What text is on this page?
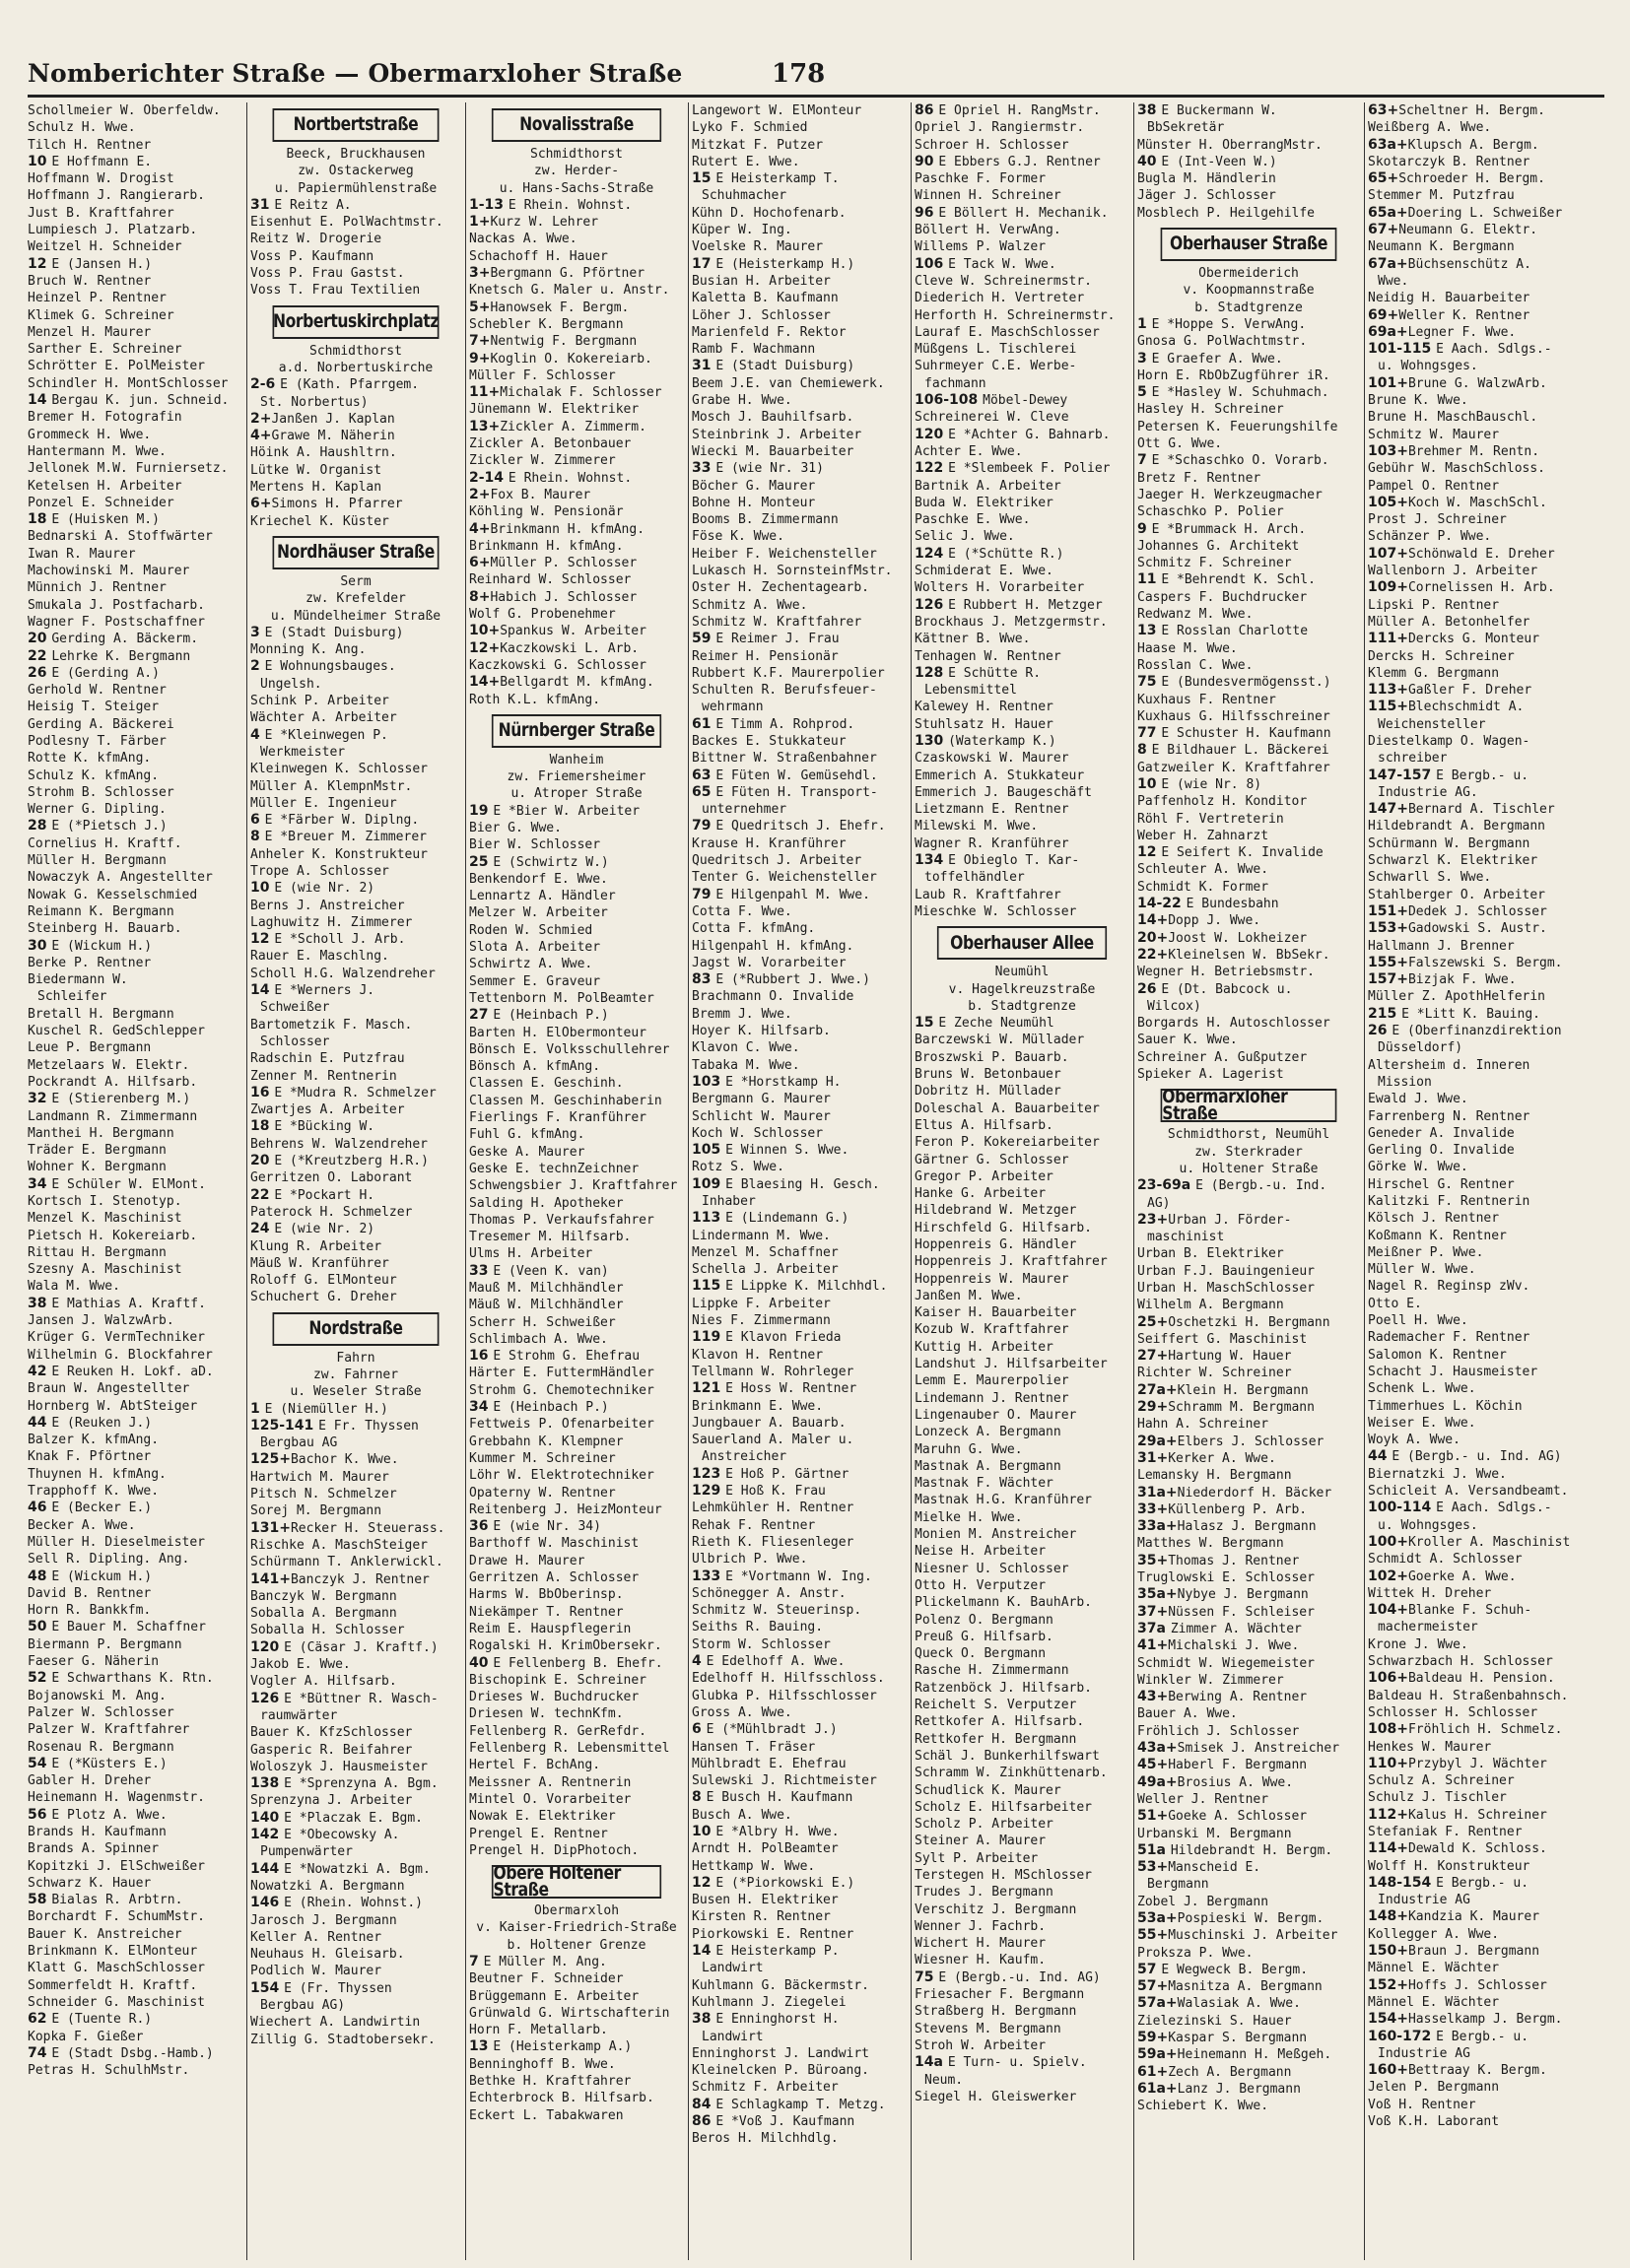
Nomberichter Straße — Obermarxloher Straße	178
Schollmeier W. Oberfeldw.
Schulz H. Wwe.
Tilch H. Rentner
10 E Hoffmann E.
Hoffmann W. Drogist
Hoffmann J. Rangierarb.
Just B. Kraftfahrer
Lumpiesch J. Platzarb.
Weitzel H. Schneider
12 E (Jansen H.)
Bruch W. Rentner
Heinzel P. Rentner
Klimek G. Schreiner
Menzel H. Maurer
Sarther E. Schreiner
Schrötter E. PolMeister
Schindler H. MontSchlosser
14 Bergau K. jun. Schneid.
Bremer H. Fotografin
Grommeck H. Wwe.
Hantermann M. Wwe.
Jellonek M.W. Furniersetz.
Ketelsen H. Arbeiter
Ponzel E. Schneider
18 E (Huisken M.)
Bednarski A. Stoffwärter
Iwan R. Maurer
Machowinski M. Maurer
Münnich J. Rentner
Smukala J. Postfacharb.
Wagner F. Postschaffner
20 Gerding A. Bäckerm.
22 Lehrke K. Bergmann
26 E (Gerding A.)
Gerhold W. Rentner
Heisig T. Steiger
Gerding A. Bäckerei
Podlesny T. Färber
Rotte K. kfmAng.
Schulz K. kfmAng.
Strohm B. Schlosser
Werner G. Dipling.
28 E (*Pietsch J.)
Cornelius H. Kraftf.
Müller H. Bergmann
Nowaczyk A. Angestellter
Nowak G. Kesselschmied
Reimann K. Bergmann
Steinberg H. Bauarb.
30 E (Wickum H.)
Berke P. Rentner
Biedermann W.
Schleifer
Bretall H. Bergmann
Kuschel R. GedSchlepper
Leue P. Bergmann
Metzelaars W. Elektr.
Pockrandt A. Hilfsarb.
32 E (Stierenberg M.)
Landmann R. Zimmermann
Manthei H. Bergmann
Träder E. Bergmann
Wohner K. Bergmann
34 E Schüler W. ElMont.
Kortsch I. Stenotyp.
Menzel K. Maschinist
Pietsch H. Kokereiarb.
Rittau H. Bergmann
Szesny A. Maschinist
Wala M. Wwe.
38 E Mathias A. Kraftf.
Jansen J. WalzwArb.
Krüger G. VermTechniker
Wilhelmin G. Blockfahrer
42 E Reuken H. Lokf. aD.
Braun W. Angestellter
Hornberg W. AbtSteiger
44 E (Reuken J.)
Balzer K. kfmAng.
Knak F. Pförtner
Thuynen H. kfmAng.
Trapphoff K. Wwe.
46 E (Becker E.)
Becker A. Wwe.
Müller H. Dieselmeister
Sell R. Dipling. Ang.
48 E (Wickum H.)
David B. Rentner
Horn R. Bankkfm.
50 E Bauer M. Schaffner
Biermann P. Bergmann
Faeser G. Näherin
52 E Schwarthans K. Rtn.
Bojanowski M. Ang.
Palzer W. Schlosser
Palzer W. Kraftfahrer
Rosenau R. Bergmann
54 E (*Küsters E.)
Gabler H. Dreher
Heinemann H. Wagenmstr.
56 E Plotz A. Wwe.
Brands H. Kaufmann
Brands A. Spinner
Kopitzki J. ElSchweißer
Schwarz K. Hauer
58 Bialas R. Arbtrn.
Borchardt F. SchumMstr.
Bauer K. Anstreicher
Brinkmann K. ElMonteur
Klatt G. MaschSchlosser
Sommerfeldt H. Kraftf.
Schneider G. Maschinist
62 E (Tuente R.)
Kopka F. Gießer
74 E (Stadt Dsbg.-Hamb.)
Petras H. SchulhMstr.
Nortbertstraße
Beeck, Bruckhausen
zw. Ostackerweg
u. Papiermühlenstraße
31 E Reitz A.
Eisenhut E. PolWachtmstr.
Reitz W. Drogerie
Voss P. Kaufmann
Voss P. Frau Gastst.
Voss T. Frau Textilien
Norbertuskirchplatz
Schmidthorst
a.d. Norbertuskirche
2-6 E (Kath. Pfarrgem.
St. Norbertus)
2+Janßen J. Kaplan
4+Grawe M. Näherin
Höink A. Haushltrn.
Lütke W. Organist
Mertens H. Kaplan
6+Simons H. Pfarrer
Kriechel K. Küster
Nordhäuser Straße
Serm
zw. Krefelder
u. Mündelheimer Straße
3 E (Stadt Duisburg)
Monning K. Ang.
2 E Wohnungsbauges.
Ungelsh.
Schink P. Arbeiter
Wächter A. Arbeiter
4 E *Kleinwegen P.
Werkmeister
Kleinwegen K. Schlosser
Müller A. KlempnMstr.
Müller E. Ingenieur
6 E *Färber W. Diplng.
8 E *Breuer M. Zimmerer
Anheler K. Konstrukteur
Trope A. Schlosser
10 E (wie Nr. 2)
Berns J. Anstreicher
Laghuwitz H. Zimmerer
12 E *Scholl J. Arb.
Rauer E. Maschlng.
Scholl H.G. Walzendreher
14 E *Werners J.
Schweißer
Bartometzik F. Masch.
Schlosser
Radschin E. Putzfrau
Zenner M. Rentnerin
16 E *Mudra R. Schmelzer
Zwartjes A. Arbeiter
18 E *Bücking W.
Behrens W. Walzendreher
20 E (*Kreutzberg H.R.)
Gerritzen O. Laborant
22 E *Pockart H.
Paterock H. Schmelzer
24 E (wie Nr. 2)
Klung R. Arbeiter
Mäuß W. Kranführer
Roloff G. ElMonteur
Schuchert G. Dreher
Nordstraße
Fahrn
zw. Fahrner
u. Weseler Straße
1 E (Niemüller H.)
125-141 E Fr. Thyssen
Bergbau AG
125+Bachor K. Wwe.
Hartwich M. Maurer
Pitsch N. Schmelzer
Sorej M. Bergmann
131+Recker H. Steuerass.
Rischke A. MaschSteiger
Schürmann T. Anklerwickl.
141+Banczyk J. Rentner
Banczyk W. Bergmann
Soballa A. Bergmann
Soballa H. Schlosser
120 E (Cäsar J. Kraftf.)
Jakob E. Wwe.
Vogler A. Hilfsarb.
126 E *Büttner R. Wasch-
raumwärter
Bauer K. KfzSchlosser
Gasperic R. Beifahrer
Woloszyk J. Hausmeister
138 E *Sprenzyna A. Bgm.
Sprenzyna J. Arbeiter
140 E *Placzak E. Bgm.
142 E *Obecowsky A.
Pumpenwärter
144 E *Nowatzki A. Bgm.
Nowatzki A. Bergmann
146 E (Rhein. Wohnst.)
Jarosch J. Bergmann
Keller A. Rentner
Neuhaus H. Gleisarb.
Podlich W. Maurer
154 E (Fr. Thyssen
Bergbau AG)
Wiechert A. Landwirtin
Zillig G. Stadtobersekr.
Novalisstraße
Schmidthorst
zw. Herder-
u. Hans-Sachs-Straße
1-13 E Rhein. Wohnst.
1+Kurz W. Lehrer
Nackas A. Wwe.
Schachoff H. Hauer
3+Bergmann G. Pförtner
Knetsch G. Maler u. Anstr.
5+Hanowsek F. Bergm.
Schebler K. Bergmann
7+Nentwig F. Bergmann
9+Koglin O. Kokereiarb.
Müller F. Schlosser
11+Michalak F. Schlosser
Jünemann W. Elektriker
13+Zickler A. Zimmerm.
Zickler A. Betonbauer
Zickler W. Zimmerer
2-14 E Rhein. Wohnst.
2+Fox B. Maurer
Köhling W. Pensionär
4+Brinkmann H. kfmAng.
Brinkmann H. kfmAng.
6+Müller P. Schlosser
Reinhard W. Schlosser
8+Habich J. Schlosser
Wolf G. Probenehmer
10+Spankus W. Arbeiter
12+Kaczkowski L. Arb.
Kaczkowski G. Schlosser
14+Bellgardt M. kfmAng.
Roth K.L. kfmAng.
Nürnberger Straße
Wanheim
zw. Friemersheimer
u. Atroper Straße
19 E *Bier W. Arbeiter
Bier G. Wwe.
Bier W. Schlosser
25 E (Schwirtz W.)
Benkendorf E. Wwe.
Lennartz A. Händler
Melzer W. Arbeiter
Roden W. Schmied
Slota A. Arbeiter
Schwirtz A. Wwe.
Semmer E. Graveur
Tettenborn M. PolBeamter
27 E (Heinbach P.)
Barten H. ElObermonteur
Bönsch E. Volksschullehrer
Bönsch A. kfmAng.
Classen E. Geschinh.
Classen M. Geschinhaberin
Fierlings F. Kranführer
Fuhl G. kfmAng.
Geske A. Maurer
Geske E. technZeichner
Schwengsbier J. Kraftfahrer
Salding H. Apotheker
Thomas P. Verkaufsfahrer
Tresemer M. Hilfsarb.
Ulms H. Arbeiter
33 E (Veen K. van)
Mauß M. Milchhändler
Mäuß W. Milchhändler
Scherr H. Schweißer
Schlimbach A. Wwe.
16 E Strohm G. Ehefrau
Härter E. FuttermHändler
Strohm G. Chemotechniker
34 E (Heinbach P.)
Fettweis P. Ofenarbeiter
Grebbahn K. Klempner
Kummer M. Schreiner
Löhr W. Elektrotechniker
Opaterny W. Rentner
Reitenberg J. HeizMonteur
36 E (wie Nr. 34)
Barthoff W. Maschinist
Drawe H. Maurer
Gerritzen A. Schlosser
Harms W. BbOberinsp.
Niekämper T. Rentner
Reim E. Hauspflegerin
Rogalski H. KrimObersekr.
40 E Fellenberg B. Ehefr.
Bischopink E. Schreiner
Drieses W. Buchdrucker
Driesen W. technKfm.
Fellenberg R. GerRefdr.
Fellenberg R. Lebensmittel
Hertel F. BchAng.
Meissner A. Rentnerin
Mintel O. Vorarbeiter
Nowak E. Elektriker
Prengel E. Rentner
Prengel H. DipPhotoch.
Obere Holtener Straße
Obermarxloh
v. Kaiser-Friedrich-Straße
b. Holtener Grenze
7 E Müller M. Ang.
Beutner F. Schneider
Brüggemann E. Arbeiter
Grünwald G. Wirtschafterin
Horn F. Metallarb.
13 E (Heisterkamp A.)
Benninghoff B. Wwe.
Bethke H. Kraftfahrer
Echterbrock B. Hilfsarb.
Eckert L. Tabakwaren
Langewort W. ElMonteur
Lyko F. Schmied
Mitzkat F. Putzer
Rutert E. Wwe.
15 E Heisterkamp T.
Schuhmacher
Kühn D. Hochofenarb.
Küper W. Ing.
Voelske R. Maurer
17 E (Heisterkamp H.)
Busian H. Arbeiter
Kaletta B. Kaufmann
Löher J. Schlosser
Marienfeld F. Rektor
Ramb F. Wachmann
31 E (Stadt Duisburg)
Beem J.E. van Chemiewerk.
Grabe H. Wwe.
Mosch J. Bauhilfsarb.
Steinbrink J. Arbeiter
Wiecki M. Bauarbeiter
33 E (wie Nr. 31)
Böcher G. Maurer
Bohne H. Monteur
Booms B. Zimmermann
Föse K. Wwe.
Heiber F. Weichensteller
Lukasch H. SornsteinfMstr.
Oster H. Zechentagearb.
Schmitz A. Wwe.
Schmitz W. Kraftfahrer
59 E Reimer J. Frau
Reimer H. Pensionär
Rubbert K.F. Maurerpolier
Schulten R. Berufsfeuer-
wehrmann
61 E Timm A. Rohprod.
Backes E. Stukkateur
Bittner W. Straßenbahner
63 E Füten W. Gemüsehdl.
65 E Füten H. Transport-
unternehmer
79 E Quedritsch J. Ehefr.
Krause H. Kranführer
Quedritsch J. Arbeiter
Tenter G. Weichensteller
79 E Hilgenpahl M. Wwe.
Cotta F. Wwe.
Cotta F. kfmAng.
Hilgenpahl H. kfmAng.
Jagst W. Vorarbeiter
83 E (*Rubbert J. Wwe.)
Brachmann O. Invalide
Bremm J. Wwe.
Hoyer K. Hilfsarb.
Klavon C. Wwe.
Tabaka M. Wwe.
103 E *Horstkamp H.
Bergmann G. Maurer
Schlicht W. Maurer
Koch W. Schlosser
105 E Winnen S. Wwe.
Rotz S. Wwe.
109 E Blaesing H. Gesch.
Inhaber
113 E (Lindemann G.)
Lindermann M. Wwe.
Menzel M. Schaffner
Schella J. Arbeiter
115 E Lippke K. Milchhdl.
Lippke F. Arbeiter
Nies F. Zimmermann
119 E Klavon Frieda
Klavon H. Rentner
Tellmann W. Rohrleger
121 E Hoss W. Rentner
Brinkmann E. Wwe.
Jungbauer A. Bauarb.
Sauerland A. Maler u.
Anstreicher
123 E Hoß P. Gärtner
129 E Hoß K. Frau
Lehmkühler H. Rentner
Rehak F. Rentner
Rieth K. Fliesenleger
Ulbrich P. Wwe.
133 E *Vortmann W. Ing.
Schönegger A. Anstr.
Schmitz W. Steuerinsp.
Seiths R. Bauing.
Storm W. Schlosser
4 E Edelhoff A. Wwe.
Edelhoff H. Hilfsschloss.
Glubka P. Hilfsschlosser
Gross A. Wwe.
6 E (*Mühlbradt J.)
Hansen T. Fräser
Mühlbradt E. Ehefrau
Sulewski J. Richtmeister
8 E Busch H. Kaufmann
Busch A. Wwe.
10 E *Albry H. Wwe.
Arndt H. PolBeamter
Hettkamp W. Wwe.
12 E (*Piorkowski E.)
Busen H. Elektriker
Kirsten R. Rentner
Piorkowski E. Rentner
14 E Heisterkamp P.
Landwirt
Kuhlmann G. Bäckermstr.
Kuhlmann J. Ziegelei
38 E Enninghorst H.
Landwirt
Enninghorst J. Landwirt
Kleinelcken P. Büroang.
Schmitz F. Arbeiter
84 E Schlagkamp T. Metzg.
86 E *Voß J. Kaufmann
Beros H. Milchhdlg.
86 E Opriel H. RangMstr.
Opriel J. Rangiermstr.
Schroer H. Schlosser
90 E Ebbers G.J. Rentner
Paschke F. Former
Winnen H. Schreiner
96 E Böllert H. Mechanik.
Böllert H. VerwAng.
Willems P. Walzer
106 E Tack W. Wwe.
Cleve W. Schreinermstr.
Diederich H. Vertreter
Herforth H. Schreinermstr.
Lauraf E. MaschSchlosser
Müßgens L. Tischlerei
Suhrmeyer C.E. Werbe-
fachmann
106-108 Möbel-Dewey
Schreinerei W. Cleve
120 E *Achter G. Bahnarb.
Achter E. Wwe.
122 E *Slembeek F. Polier
Bartnik A. Arbeiter
Buda W. Elektriker
Paschke E. Wwe.
Selic J. Wwe.
124 E (*Schütte R.)
Schmiderat E. Wwe.
Wolters H. Vorarbeiter
126 E Rubbert H. Metzger
Brockhaus J. Metzgermstr.
Kättner B. Wwe.
Tenhagen W. Rentner
128 E Schütte R.
Lebensmittel
Kalewey H. Rentner
Stuhlsatz H. Hauer
130 (Waterkamp K.)
Czaskowski W. Maurer
Emmerich A. Stukkateur
Emmerich J. Baugeschäft
Lietzmann E. Rentner
Milewski M. Wwe.
Wagner R. Kranführer
134 E Obieglo T. Kar-
toffelhändler
Laub R. Kraftfahrer
Mieschke W. Schlosser
Oberhauser Allee
Neumühl
v. Hagelkreuzstraße
b. Stadtgrenze
15 E Zeche Neumühl
Barczewski W. Müllader
Broszwski P. Bauarb.
Bruns W. Betonbauer
Dobritz H. Müllader
Doleschal A. Bauarbeiter
Eltus A. Hilfsarb.
Feron P. Kokereiarbeiter
Gärtner G. Schlosser
Gregor P. Arbeiter
Hanke G. Arbeiter
Hildebrand W. Metzger
Hirschfeld G. Hilfsarb.
Hoppenreis G. Händler
Hoppenreis J. Kraftfahrer
Hoppenreis W. Maurer
Janßen M. Wwe.
Kaiser H. Bauarbeiter
Kozub W. Kraftfahrer
Kuttig H. Arbeiter
Landshut J. Hilfsarbeiter
Lemm E. Maurerpolier
Lindemann J. Rentner
Lingenauber O. Maurer
Lonzeck A. Bergmann
Maruhn G. Wwe.
Mastnak A. Bergmann
Mastnak F. Wächter
Mastnak H.G. Kranführer
Mielke H. Wwe.
Monien M. Anstreicher
Neise H. Arbeiter
Niesner U. Schlosser
Otto H. Verputzer
Plickelmann K. BauhArb.
Polenz O. Bergmann
Preuß G. Hilfsarb.
Queck O. Bergmann
Rasche H. Zimmermann
Ratzenböck J. Hilfsarb.
Reichelt S. Verputzer
Rettkofer A. Hilfsarb.
Rettkofer H. Bergmann
Schäl J. Bunkerhilfswart
Schramm W. Zinkhüttenarb.
Schudlick K. Maurer
Scholz E. Hilfsarbeiter
Scholz P. Arbeiter
Steiner A. Maurer
Sylt P. Arbeiter
Terstegen H. MSchlosser
Trudes J. Bergmann
Verschitz J. Bergmann
Wenner J. Fachrb.
Wichert H. Maurer
Wiesner H. Kaufm.
75 E (Bergb.-u. Ind. AG)
Friesacher F. Bergmann
Straßberg H. Bergmann
Stevens M. Bergmann
Stroh W. Arbeiter
14a E Turn- u. Spielv.
Neum.
Siegel H. Gleiswerker
38 E Buckermann W.
BbSekretär
Münster H. OberrangMstr.
40 E (Int-Veen W.)
Bugla M. Händlerin
Jäger J. Schlosser
Mosblech P. Heilgehilfe
Oberhauser Straße
Obermeiderich
v. Koopmannstraße
b. Stadtgrenze
1 E *Hoppe S. VerwAng.
Gnosa G. PolWachtmstr.
3 E Graefer A. Wwe.
Horn E. RbObZugführer iR.
5 E *Hasley W. Schuhmach.
Hasley H. Schreiner
Petersen K. Feuerungshilfe
Ott G. Wwe.
7 E *Schaschko O. Vorarb.
Bretz F. Rentner
Jaeger H. Werkzeugmacher
Schaschko P. Polier
9 E *Brummack H. Arch.
Johannes G. Architekt
Schmitz F. Schreiner
11 E *Behrendt K. Schl.
Caspers F. Buchdrucker
Redwanz M. Wwe.
13 E Rosslan Charlotte
Haase M. Wwe.
Rosslan C. Wwe.
75 E (Bundesvermögensst.)
Kuxhaus F. Rentner
Kuxhaus G. Hilfsschreiner
77 E Schuster H. Kaufmann
8 E Bildhauer L. Bäckerei
Gatzweiler K. Kraftfahrer
10 E (wie Nr. 8)
Paffenholz H. Konditor
Röhl F. Vertreterin
Weber H. Zahnarzt
12 E Seifert K. Invalide
Schleuter A. Wwe.
Schmidt K. Former
14-22 E Bundesbahn
14+Dopp J. Wwe.
20+Joost W. Lokheizer
22+Kleinelsen W. BbSekr.
Wegner H. Betriebsmstr.
26 E (Dt. Babcock u.
Wilcox)
Borgards H. Autoschlosser
Sauer K. Wwe.
Schreiner A. Gußputzer
Spieker A. Lagerist
Obermarxloher Straße
Schmidthorst, Neumühl
zw. Sterkrader
u. Holtener Straße
23-69a E (Bergb.-u. Ind.
AG)
23+Urban J. Förder-
maschinist
Urban B. Elektriker
Urban F.J. Bauingenieur
Urban H. MaschSchlosser
Wilhelm A. Bergmann
25+Oschetzki H. Bergmann
Seiffert G. Maschinist
27+Hartung W. Hauer
Richter W. Schreiner
27a+Klein H. Bergmann
29+Schramm M. Bergmann
Hahn A. Schreiner
29a+Elbers J. Schlosser
31+Kerker A. Wwe.
Lemansky H. Bergmann
31a+Niederdorf H. Bäcker
33+Küllenberg P. Arb.
33a+Halasz J. Bergmann
Matthes W. Bergmann
35+Thomas J. Rentner
Truglowski E. Schlosser
35a+Nybye J. Bergmann
37+Nüssen F. Schleiser
37a Zimmer A. Wächter
41+Michalski J. Wwe.
Schmidt W. Wiegemeister
Winkler W. Zimmerer
43+Berwing A. Rentner
Bauer A. Wwe.
Fröhlich J. Schlosser
43a+Smisek J. Anstreicher
45+Haberl F. Bergmann
49a+Brosius A. Wwe.
Weller J. Rentner
51+Goeke A. Schlosser
Urbanski M. Bergmann
51a Hildebrandt H. Bergm.
53+Manscheid E.
Bergmann
Zobel J. Bergmann
53a+Pospieski W. Bergm.
55+Muschinski J. Arbeiter
Proksza P. Wwe.
57 E Wegweck B. Bergm.
57+Masnitza A. Bergmann
57a+Walasiak A. Wwe.
Zielezinski S. Hauer
59+Kaspar S. Bergmann
59a+Heinemann H. Meßgeh.
61+Zech A. Bergmann
61a+Lanz J. Bergmann
Schiebert K. Wwe.
63+Scheltner H. Bergm.
Weißberg A. Wwe.
63a+Klupsch A. Bergm.
Skotarczyk B. Rentner
65+Schroeder H. Bergm.
Stemmer M. Putzfrau
65a+Doering L. Schweißer
67+Neumann G. Elektr.
Neumann K. Bergmann
67a+Büchsenschütz A.
Wwe.
Neidig H. Bauarbeiter
69+Weller K. Rentner
69a+Legner F. Wwe.
101-115 E Aach. Sdlgs.-
u. Wohngsges.
101+Brune G. WalzwArb.
Brune K. Wwe.
Brune H. MaschBauschl.
Schmitz W. Maurer
103+Brehmer M. Rentn.
Gebühr W. MaschSchloss.
Pampel O. Rentner
105+Koch W. MaschSchl.
Prost J. Schreiner
Schänzer P. Wwe.
107+Schönwald E. Dreher
Wallenborn J. Arbeiter
109+Cornelissen H. Arb.
Lipski P. Rentner
Müller A. Betonhelfer
111+Dercks G. Monteur
Dercks H. Schreiner
Klemm G. Bergmann
113+Gaßler F. Dreher
115+Blechschmidt A.
Weichensteller
Diestelkamp O. Wagen-
schreiber
147-157 E Bergb.- u.
Industrie AG.
147+Bernard A. Tischler
Hildebrandt A. Bergmann
Schürmann W. Bergmann
Schwarzl K. Elektriker
Schwarll S. Wwe.
Stahlberger O. Arbeiter
151+Dedek J. Schlosser
153+Gadowski S. Austr.
Hallmann J. Brenner
155+Falszewski S. Bergm.
157+Bizjak F. Wwe.
Müller Z. ApothHelferin
215 E *Litt K. Bauing.
26 E (Oberfinanzdirektion
Düsseldorf)
Altersheim d. Inneren
Mission
Ewald J. Wwe.
Farrenberg N. Rentner
Geneder A. Invalide
Gerling O. Invalide
Görke W. Wwe.
Hirschel G. Rentner
Kalitzki F. Rentnerin
Kölsch J. Rentner
Koßmann K. Rentner
Meißner P. Wwe.
Müller W. Wwe.
Nagel R. Reginsp zWv.
Otto E.
Poell H. Wwe.
Rademacher F. Rentner
Salomon K. Rentner
Schacht J. Hausmeister
Schenk L. Wwe.
Timmerhues L. Köchin
Weiser E. Wwe.
Woyk A. Wwe.
44 E (Bergb.- u. Ind. AG)
Biernatzki J. Wwe.
Schicleit A. Versandbeamt.
100-114 E Aach. Sdlgs.-
u. Wohngsges.
100+Kroller A. Maschinist
Schmidt A. Schlosser
102+Goerke A. Wwe.
Wittek H. Dreher
104+Blanke F. Schuh-
machermeister
Krone J. Wwe.
Schwarzbach H. Schlosser
106+Baldeau H. Pension.
Baldeau H. Straßenbahnsch.
Schlosser H. Schlosser
108+Fröhlich H. Schmelz.
Henkes W. Maurer
110+Przybyl J. Wächter
Schulz A. Schreiner
Schulz J. Tischler
112+Kalus H. Schreiner
Stefaniak F. Rentner
114+Dewald K. Schloss.
Wolff H. Konstrukteur
148-154 E Bergb.- u.
Industrie AG
148+Kandzia K. Maurer
Kollegger A. Wwe.
150+Braun J. Bergmann
Männel E. Wächter
152+Hoffs J. Schlosser
Männel E. Wächter
154+Hasselkamp J. Bergm.
160-172 E Bergb.- u.
Industrie AG
160+Bettraay K. Bergm.
Jelen P. Bergmann
Voß H. Rentner
Voß K.H. Laborant
